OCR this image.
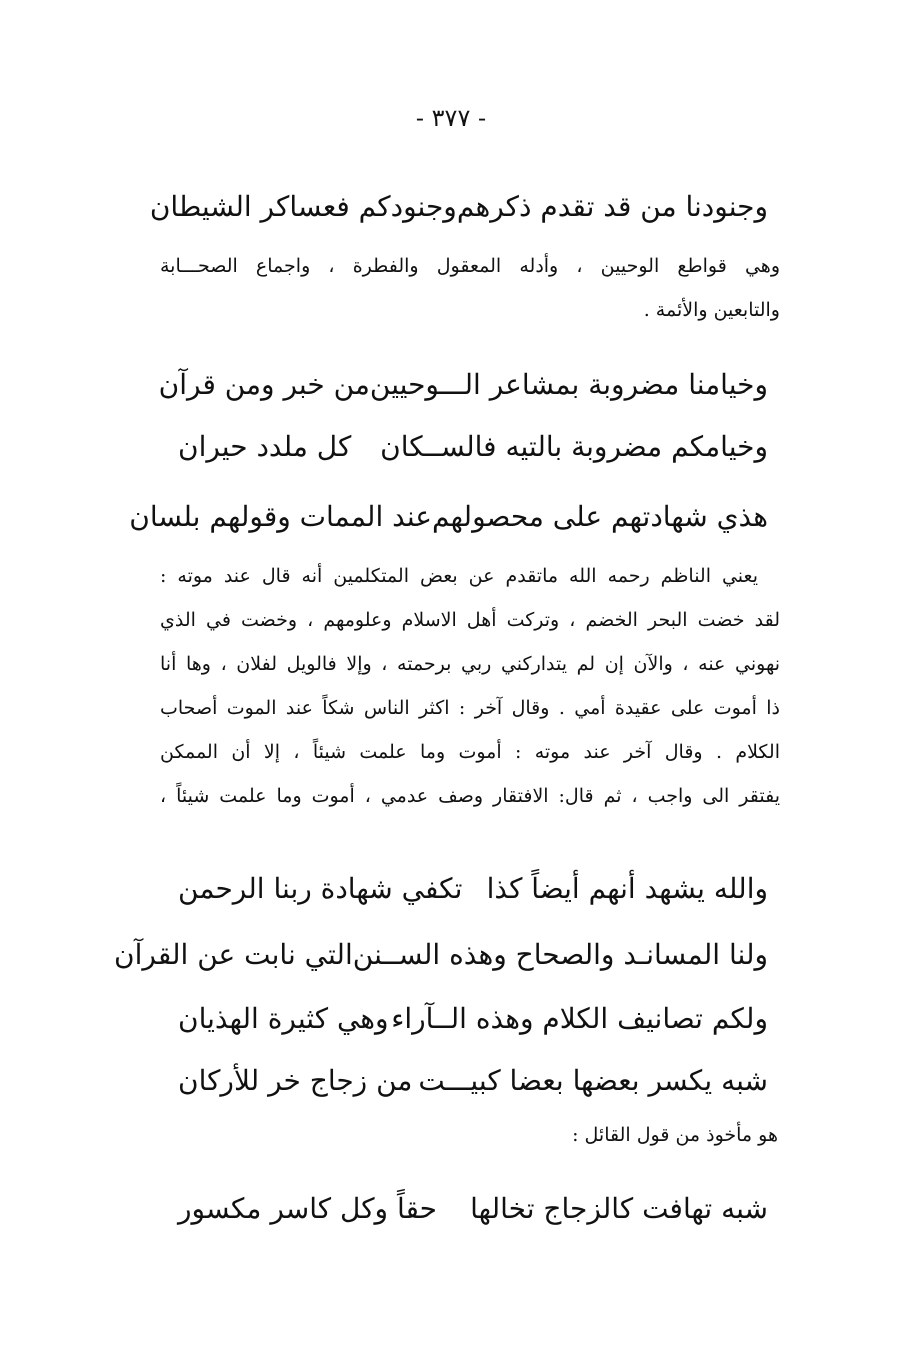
- ٣٧٧ -
وجنودنا من قد تقدم ذكرهم
وجنودكم فعساكر الشيطان
وهي قواطع الوحيين ، وأدله المعقول والفطرة ، واجماع الصحـــابة
والتابعين والأئمة .
وخيامنا مضروبة بمشاعر الـــوحيين
من خبر ومن قرآن
وخيامكم مضروبة بالتيه فالســكان
كل ملدد حيران
هذي شهادتهم على محصولهم
عند الممات وقولهم بلسان
يعني الناظم رحمه الله ماتقدم عن بعض المتكلمين أنه قال عند موته :
لقد خضت البحر الخضم ، وتركت أهل الاسلام وعلومهم ، وخضت في الذي
نهوني عنه ، والآن إن لم يتداركني ربي برحمته ، وإلا فالويل لفلان ، وها أنا
ذا أموت على عقيدة أمي . وقال آخر : اكثر الناس شكاً عند الموت أصحاب
الكلام . وقال آخر عند موته : أموت وما علمت شيئاً ، إلا أن الممكن
يفتقر الى واجب ، ثم قال: الافتقار وصف عدمي ، أموت وما علمت شيئاً ،
والله يشهد أنهم أيضاً كذا
تكفي شهادة ربنا الرحمن
ولنا المسانـد والصحاح وهذه الســنن
التي نابت عن القرآن
ولكم تصانيف الكلام وهذه الــآراء
وهي كثيرة الهذيان
شبه يكسر بعضها بعضا كبيـــت
من زجاج خر للأركان
هو مأخوذ من قول القائل :
شبه تهافت كالزجاج تخالها
حقاً وكل كاسر مكسور
